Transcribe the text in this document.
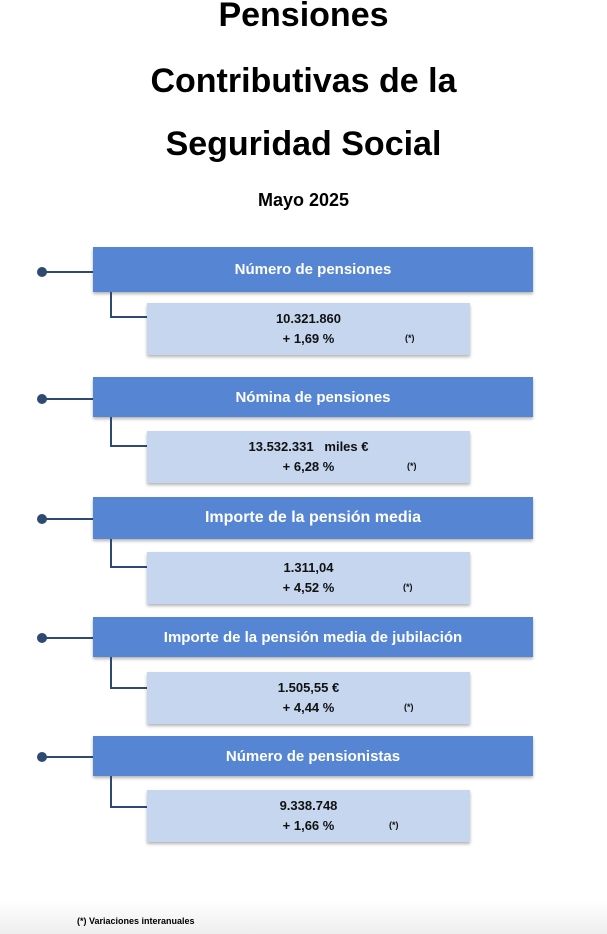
Pensiones
Contributivas de la
Seguridad Social
Mayo 2025
Número de pensiones
10.321.860
+ 1,69 %	(*)
Nómina de pensiones
13.532.331   miles €
+ 6,28 %	(*)
Importe de la pensión media
1.311,04
+ 4,52 %	(*)
Importe de la pensión media de jubilación
1.505,55 €
+ 4,44 %	(*)
Número de pensionistas
9.338.748
+ 1,66 %	(*)
(*) Variaciones interanuales
